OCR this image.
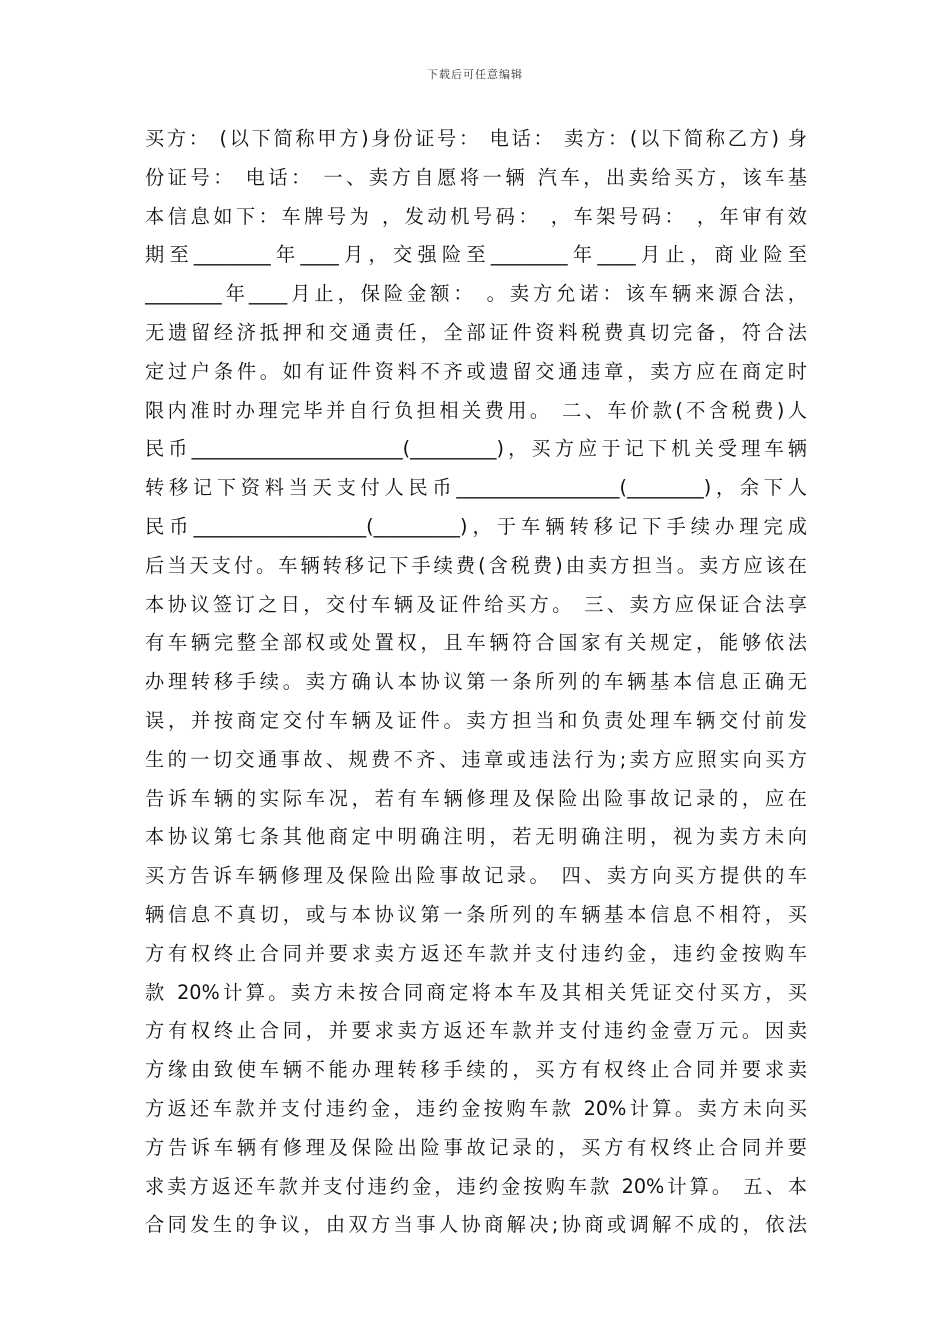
下载后可任意编辑
买方： (以下简称甲方)身份证号： 电话： 卖方：(以下简称乙方) 身
份证号： 电话： 一、卖方自愿将一辆 汽车，出卖给买方，该车基
本信息如下：车牌号为 ，发动机号码： ，车架号码： ，年审有效
期至________年____月，交强险至________年____月止，商业险至
________年____月止，保险金额： 。卖方允诺：该车辆来源合法，
无遗留经济抵押和交通责任，全部证件资料税费真切完备，符合法
定过户条件。如有证件资料不齐或遗留交通违章，卖方应在商定时
限内准时办理完毕并自行负担相关费用。 二、车价款(不含税费)人
民币______________________(_________)，买方应于记下机关受理车辆
转移记下资料当天支付人民币_________________(________)，余下人
民币__________________(_________)，于车辆转移记下手续办理完成
后当天支付。车辆转移记下手续费(含税费)由卖方担当。卖方应该在
本协议签订之日，交付车辆及证件给买方。 三、卖方应保证合法享
有车辆完整全部权或处置权，且车辆符合国家有关规定，能够依法
办理转移手续。卖方确认本协议第一条所列的车辆基本信息正确无
误，并按商定交付车辆及证件。卖方担当和负责处理车辆交付前发
生的一切交通事故、规费不齐、违章或违法行为;卖方应照实向买方
告诉车辆的实际车况，若有车辆修理及保险出险事故记录的，应在
本协议第七条其他商定中明确注明，若无明确注明，视为卖方未向
买方告诉车辆修理及保险出险事故记录。 四、卖方向买方提供的车
辆信息不真切，或与本协议第一条所列的车辆基本信息不相符，买
方有权终止合同并要求卖方返还车款并支付违约金，违约金按购车
款 20%计算。卖方未按合同商定将本车及其相关凭证交付买方，买
方有权终止合同，并要求卖方返还车款并支付违约金壹万元。因卖
方缘由致使车辆不能办理转移手续的，买方有权终止合同并要求卖
方返还车款并支付违约金，违约金按购车款 20%计算。卖方未向买
方告诉车辆有修理及保险出险事故记录的，买方有权终止合同并要
求卖方返还车款并支付违约金，违约金按购车款 20%计算。 五、本
合同发生的争议，由双方当事人协商解决;协商或调解不成的，依法
